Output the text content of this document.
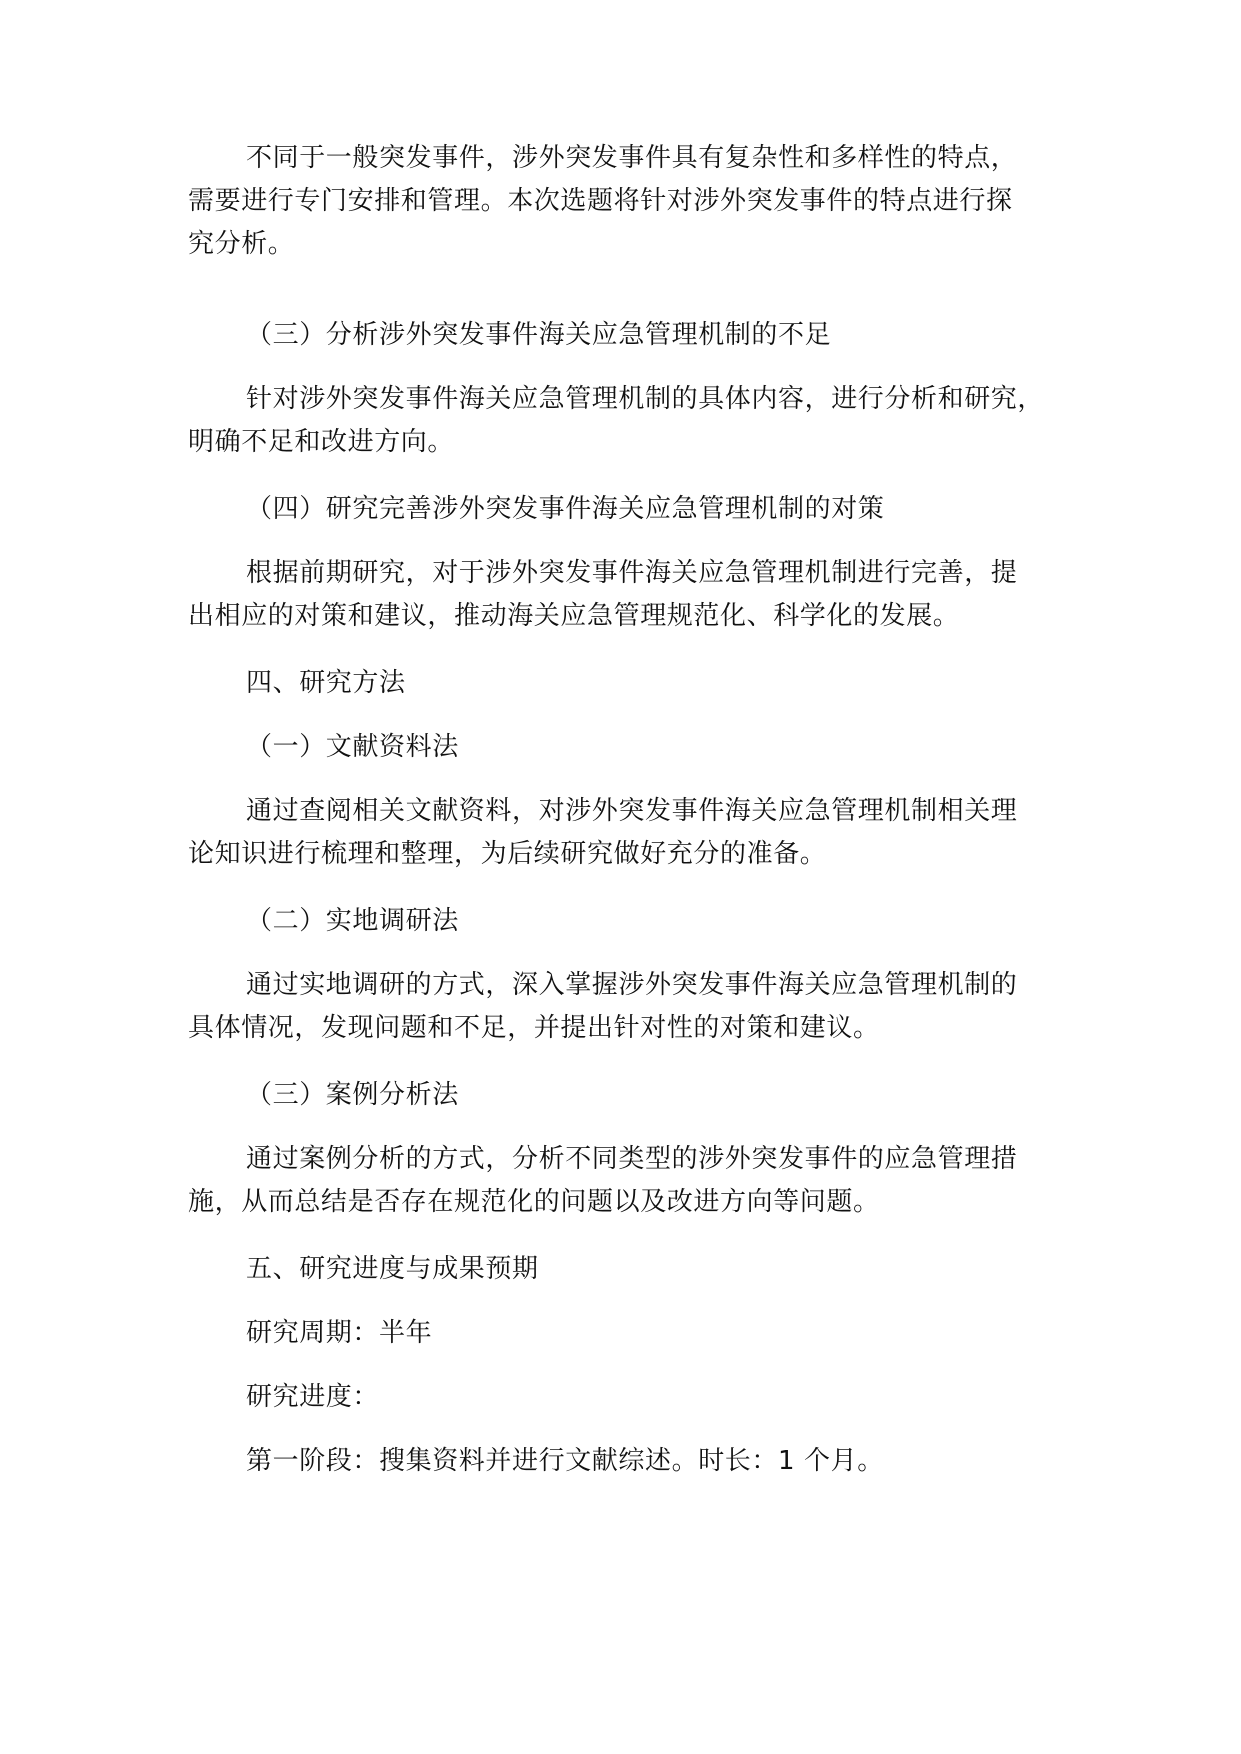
不同于一般突发事件，涉外突发事件具有复杂性和多样性的特点，
需要进行专门安排和管理。本次选题将针对涉外突发事件的特点进行探
究分析。
（三）分析涉外突发事件海关应急管理机制的不足
针对涉外突发事件海关应急管理机制的具体内容，进行分析和研究，
明确不足和改进方向。
（四）研究完善涉外突发事件海关应急管理机制的对策
根据前期研究，对于涉外突发事件海关应急管理机制进行完善，提
出相应的对策和建议，推动海关应急管理规范化、科学化的发展。
四、研究方法
（一）文献资料法
通过查阅相关文献资料，对涉外突发事件海关应急管理机制相关理
论知识进行梳理和整理，为后续研究做好充分的准备。
（二）实地调研法
通过实地调研的方式，深入掌握涉外突发事件海关应急管理机制的
具体情况，发现问题和不足，并提出针对性的对策和建议。
（三）案例分析法
通过案例分析的方式，分析不同类型的涉外突发事件的应急管理措
施，从而总结是否存在规范化的问题以及改进方向等问题。
五、研究进度与成果预期
研究周期：半年
研究进度：
第一阶段：搜集资料并进行文献综述。时长：1 个月。
